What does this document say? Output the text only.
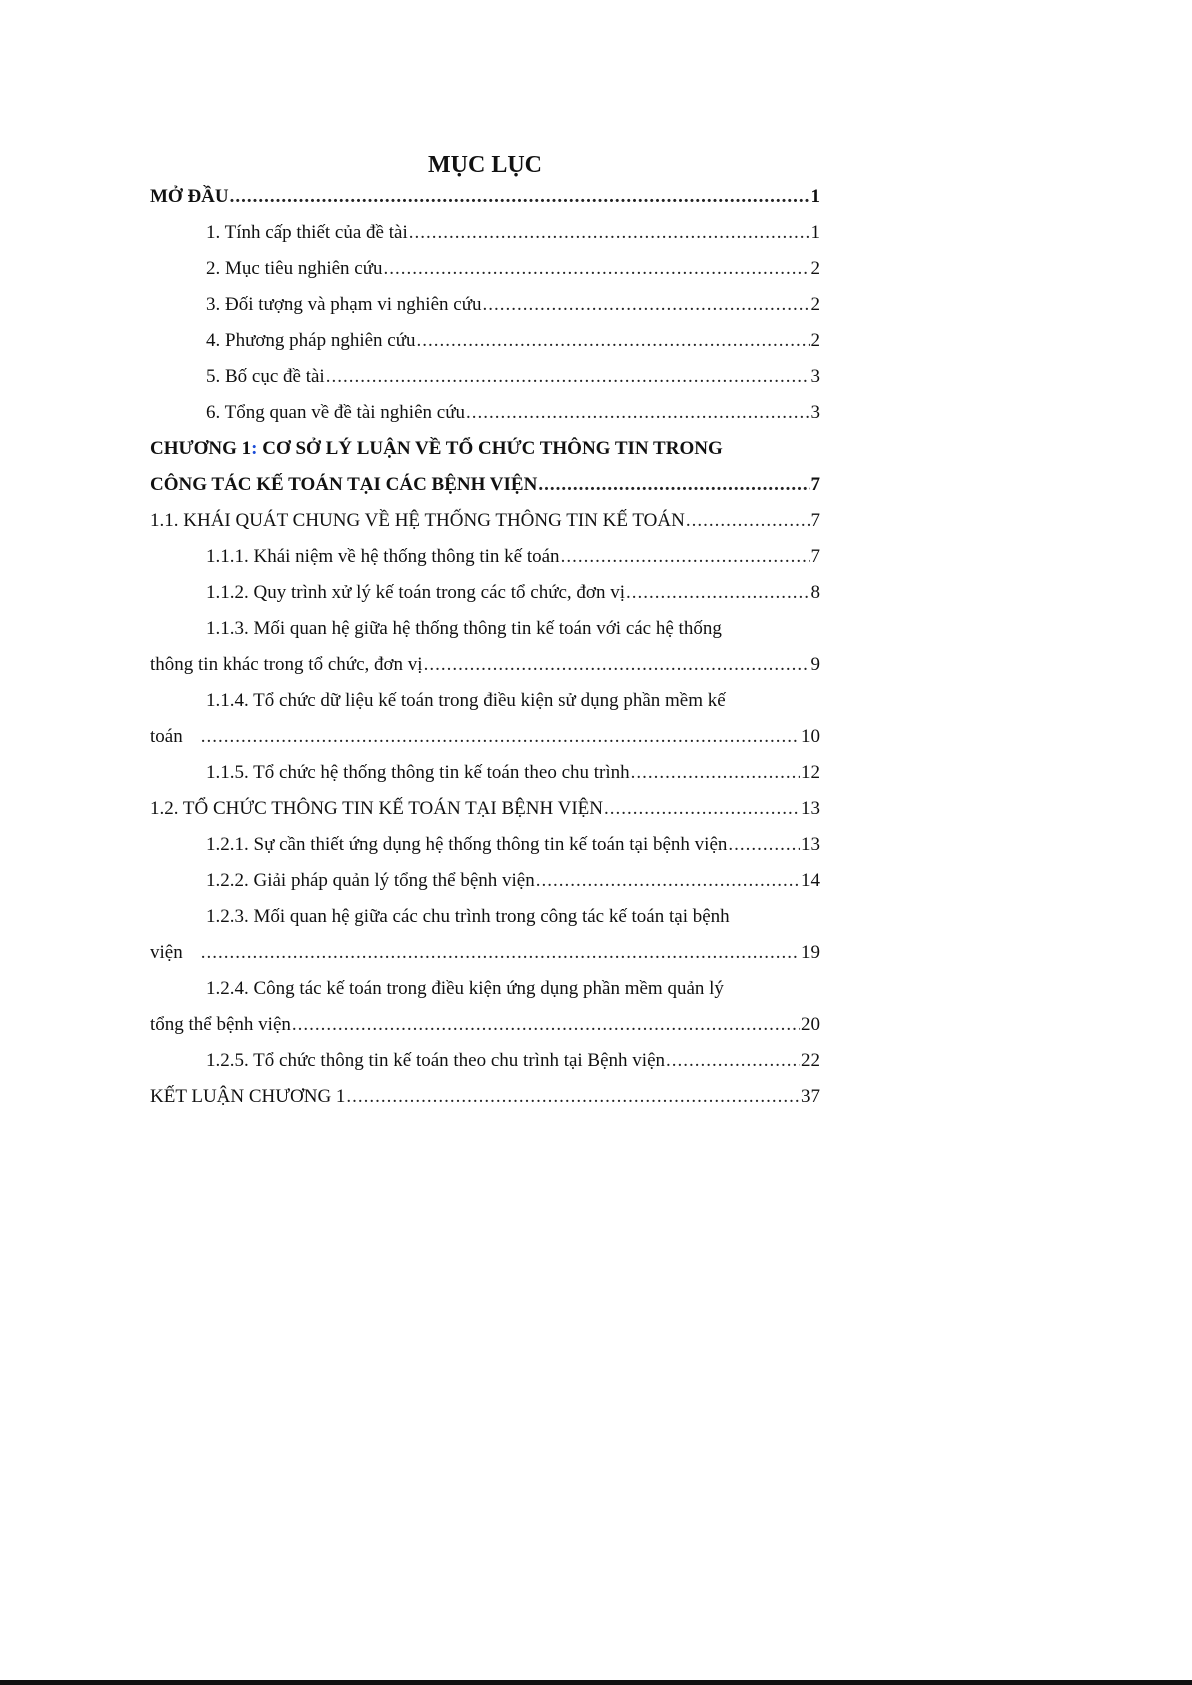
MỤC LỤC
MỞ ĐẦU .....	1
1. Tính cấp thiết của đề tài .....	1
2. Mục tiêu nghiên cứu .....	2
3. Đối tượng và phạm vi nghiên cứu .....	2
4. Phương pháp nghiên cứu .....	2
5. Bố cục đề tài .....	3
6. Tổng quan về đề tài nghiên cứu .....	3
CHƯƠNG 1: CƠ SỞ LÝ LUẬN VỀ TỔ CHỨC THÔNG TIN TRONG
CÔNG TÁC KẾ TOÁN TẠI CÁC BỆNH VIỆN .....	7
1.1. KHÁI QUÁT CHUNG VỀ HỆ THỐNG THÔNG TIN KẾ TOÁN .....	7
1.1.1. Khái niệm về hệ thống thông tin kế toán .....	7
1.1.2. Quy trình xử lý kế toán trong các tổ chức, đơn vị .....	8
1.1.3. Mối quan hệ giữa hệ thống thông tin kế toán với các hệ thống
thông tin khác trong tổ chức, đơn vị .....	9
1.1.4. Tổ chức dữ liệu kế toán trong điều kiện sử dụng phần mềm kế
toán .....	10
1.1.5. Tổ chức hệ thống thông tin kế toán theo chu trình .....	12
1.2. TỔ CHỨC THÔNG TIN KẾ TOÁN TẠI BỆNH VIỆN .....	13
1.2.1. Sự cần thiết ứng dụng hệ thống thông tin kế toán tại bệnh viện .....	13
1.2.2. Giải pháp quản lý tổng thể bệnh viện .....	14
1.2.3. Mối quan hệ giữa các chu trình trong công tác kế toán tại bệnh
viện .....	19
1.2.4. Công tác kế toán trong điều kiện ứng dụng phần mềm quản lý
tổng thể bệnh viện .....	20
1.2.5. Tổ chức thông tin kế toán theo chu trình tại Bệnh viện .....	22
KẾT LUẬN CHƯƠNG 1 .....	37
